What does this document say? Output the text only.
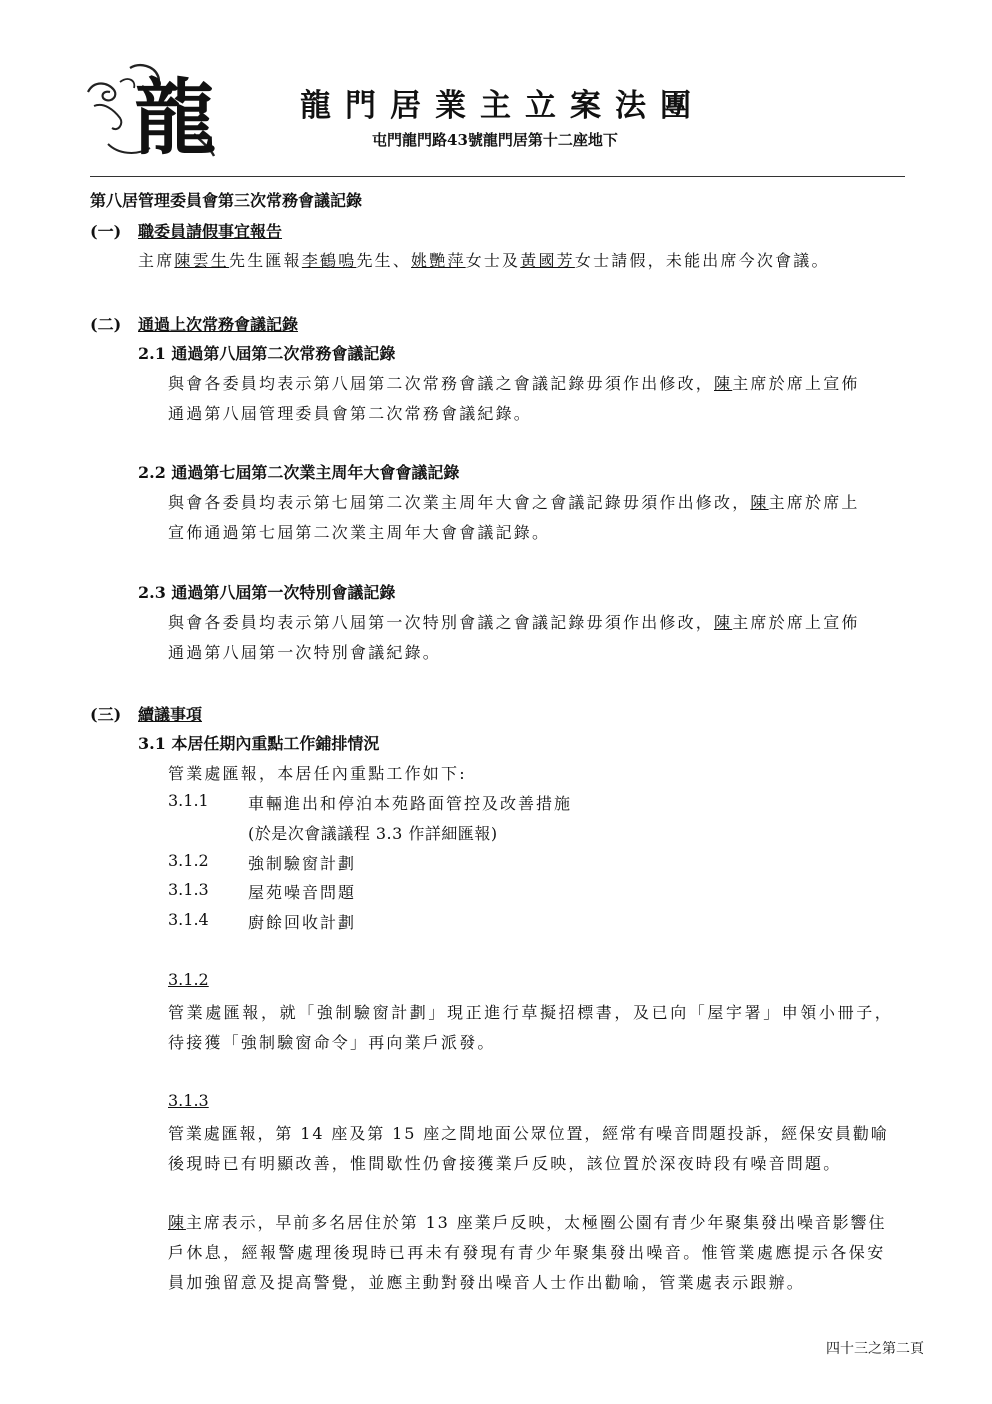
龍	龍門居業主立案法團
屯門龍門路43號龍門居第十二座地下
第八居管理委員會第三次常務會議記錄
(一) 職委員請假事宜報告
主席陳雲生先生匯報李鶴鳴先生、姚艷萍女士及黃國芳女士請假，未能出席今次會議。
(二) 通過上次常務會議記錄
2.1 通過第八屆第二次常務會議記錄
與會各委員均表示第八屆第二次常務會議之會議記錄毋須作出修改，陳主席於席上宣佈
通過第八屆管理委員會第二次常務會議紀錄。
2.2 通過第七屆第二次業主周年大會會議記錄
與會各委員均表示第七屆第二次業主周年大會之會議記錄毋須作出修改，陳主席於席上
宣佈通過第七屆第二次業主周年大會會議記錄。
2.3 通過第八屆第一次特別會議記錄
與會各委員均表示第八屆第一次特別會議之會議記錄毋須作出修改，陳主席於席上宣佈
通過第八屆第一次特別會議紀錄。
(三) 續議事項
3.1 本居任期內重點工作鋪排情況
管業處匯報，本居任內重點工作如下:
3.1.1 車輛進出和停泊本苑路面管控及改善措施
(於是次會議議程 3.3 作詳細匯報)
3.1.2 強制驗窗計劃
3.1.3 屋苑噪音問題
3.1.4 廚餘回收計劃
3.1.2
管業處匯報，就「強制驗窗計劃」現正進行草擬招標書，及已向「屋宇署」申領小冊子，
待接獲「強制驗窗命令」再向業戶派發。
3.1.3
管業處匯報，第 14 座及第 15 座之間地面公眾位置，經常有噪音問題投訴，經保安員勸喻
後現時已有明顯改善，惟間歇性仍會接獲業戶反映，該位置於深夜時段有噪音問題。
陳主席表示，早前多名居住於第 13 座業戶反映，太極圈公園有青少年聚集發出噪音影響住
戶休息，經報警處理後現時已再未有發現有青少年聚集發出噪音。惟管業處應提示各保安
員加強留意及提高警覺，並應主動對發出噪音人士作出勸喻，管業處表示跟辦。
四十三之第二頁
